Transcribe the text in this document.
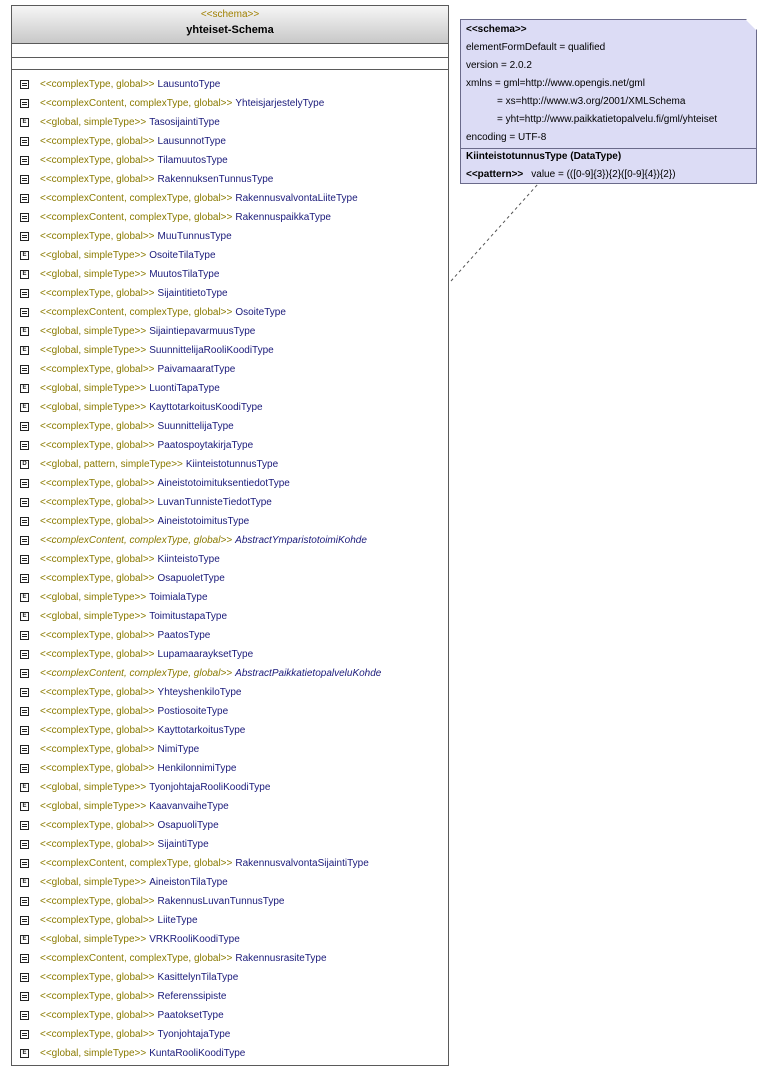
<<schema>>
yhteiset-Schema
<<complexType, global>> LausuntoType
<<complexContent, complexType, global>> YhteisjarjestelyType
E <<global, simpleType>> TasosijaintiType
<<complexType, global>> LausunnotType
<<complexType, global>> TilamuutosType
<<complexType, global>> RakennuksenTunnusType
<<complexContent, complexType, global>> RakennusvalvontaLiiteType
<<complexContent, complexType, global>> RakennuspaikkaType
<<complexType, global>> MuuTunnusType
E <<global, simpleType>> OsoiteTilaType
E <<global, simpleType>> MuutosTilaType
<<complexType, global>> SijaintitietoType
<<complexContent, complexType, global>> OsoiteType
E <<global, simpleType>> SijaintiepavarmuusType
E <<global, simpleType>> SuunnittelijaRooliKoodiType
<<complexType, global>> PaivamaaratType
E <<global, simpleType>> LuontiTapaType
E <<global, simpleType>> KayttotarkoitusKoodiType
<<complexType, global>> SuunnittelijaType
<<complexType, global>> PaatospoytakirjaType
D <<global, pattern, simpleType>> KiinteistotunnusType
<<complexType, global>> AineistotoimituksentiedotType
<<complexType, global>> LuvanTunnisteTiedotType
<<complexType, global>> AineistotoimitusType
<<complexContent, complexType, global>> AbstractYmparistotoimiKohde
<<complexType, global>> KiinteistoType
<<complexType, global>> OsapuoletType
E <<global, simpleType>> ToimialaType
E <<global, simpleType>> ToimitustapaType
<<complexType, global>> PaatosType
<<complexType, global>> LupamaarayksetType
<<complexContent, complexType, global>> AbstractPaikkatietopalveluKohde
<<complexType, global>> YhteyshenkiloType
<<complexType, global>> PostiosoiteType
<<complexType, global>> KayttotarkoitusType
<<complexType, global>> NimiType
<<complexType, global>> HenkilonnimiType
E <<global, simpleType>> TyonjohtajaRooliKoodiType
E <<global, simpleType>> KaavanvaiheType
<<complexType, global>> OsapuoliType
<<complexType, global>> SijaintiType
<<complexContent, complexType, global>> RakennusvalvontaSijaintiType
E <<global, simpleType>> AineistonTilaType
<<complexType, global>> RakennusLuvanTunnusType
<<complexType, global>> LiiteType
E <<global, simpleType>> VRKRooliKoodiType
<<complexContent, complexType, global>> RakennusrasiteType
<<complexType, global>> KasittelynTilaType
<<complexType, global>> Referenssipiste
<<complexType, global>> PaatoksetType
<<complexType, global>> TyonjohtajaType
E <<global, simpleType>> KuntaRooliKoodiType
<<schema>>
elementFormDefault = qualified
version = 2.0.2
xmlns = gml=http://www.opengis.net/gml
= xs=http://www.w3.org/2001/XMLSchema
= yht=http://www.paikkatietopalvelu.fi/gml/yhteiset
encoding = UTF-8
KiinteistotunnusType (DataType)
<<pattern>> value = (([0-9]{3}){2}([0-9]{4}){2})
